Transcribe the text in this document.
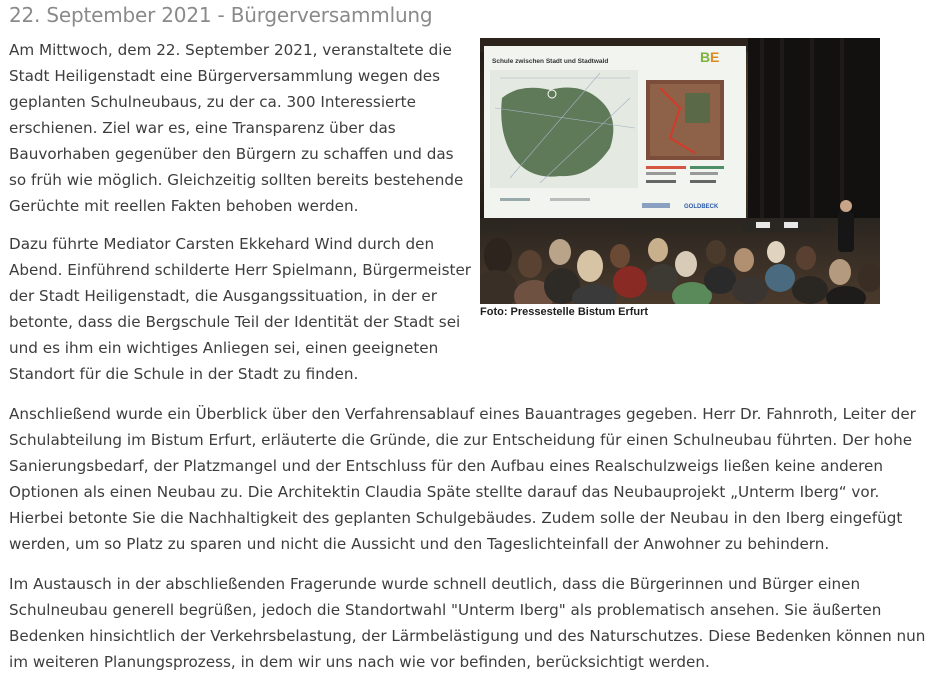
22. September 2021 - Bürgerversammlung

Am Mittwoch, dem 22. September 2021, veranstaltete die Stadt Heiligenstadt eine Bürgerversammlung wegen des geplanten Schulneubaus, zu der ca. 300 Interessierte erschienen. Ziel war es, eine Transparenz über das Bauvorhaben gegenüber den Bürgern zu schaffen und das so früh wie möglich. Gleichzeitig sollten bereits bestehende Gerüchte mit reellen Fakten behoben werden.

Dazu führte Mediator Carsten Ekkehard Wind durch den Abend. Einführend schilderte Herr Spielmann, Bürgermeister der Stadt Heiligenstadt, die Ausgangssituation, in der er betonte, dass die Bergschule Teil der Identität der Stadt sei und es ihm ein wichtiges Anliegen sei, einen geeigneten Standort für die Schule in der Stadt zu finden.

Schule zwischen Stadt und Stadtwald	B E
GOLDBECK
Foto: Pressestelle Bistum Erfurt

Anschließend wurde ein Überblick über den Verfahrensablauf eines Bauantrages gegeben. Herr Dr. Fahnroth, Leiter der Schulabteilung im Bistum Erfurt, erläuterte die Gründe, die zur Entscheidung für einen Schulneubau führten. Der hohe Sanierungsbedarf, der Platzmangel und der Entschluss für den Aufbau eines Realschulzweigs ließen keine anderen Optionen als einen Neubau zu. Die Architektin Claudia Späte stellte darauf das Neubauprojekt „Unterm Iberg“ vor. Hierbei betonte Sie die Nachhaltigkeit des geplanten Schulgebäudes. Zudem solle der Neubau in den Iberg eingefügt werden, um so Platz zu sparen und nicht die Aussicht und den Tageslichteinfall der Anwohner zu behindern.

Im Austausch in der abschließenden Fragerunde wurde schnell deutlich, dass die Bürgerinnen und Bürger einen Schulneubau generell begrüßen, jedoch die Standortwahl "Unterm Iberg" als problematisch ansehen. Sie äußerten Bedenken hinsichtlich der Verkehrsbelastung, der Lärmbelästigung und des Naturschutzes. Diese Bedenken können nun im weiteren Planungsprozess, in dem wir uns nach wie vor befinden, berücksichtigt werden.
